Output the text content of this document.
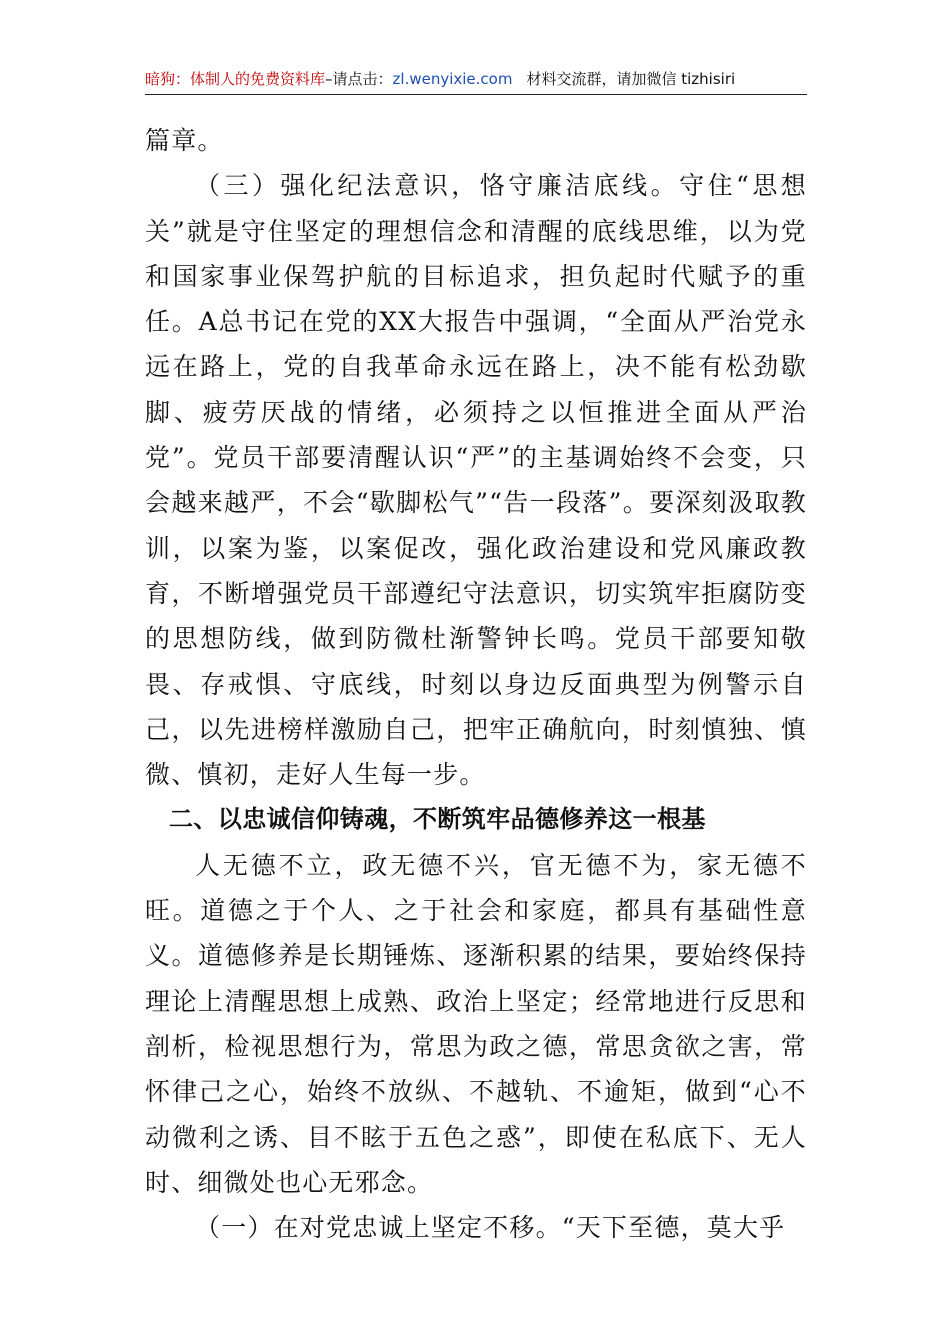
暗狗：体制人的免费资料库–请点击：zl.wenyixie.com 材料交流群，请加微信 tizhisiri

篇章。

（三）强化纪法意识，恪守廉洁底线。守住“思想关”就是守住坚定的理想信念和清醒的底线思维，以为党和国家事业保驾护航的目标追求，担负起时代赋予的重任。A总书记在党的XX大报告中强调，“全面从严治党永远在路上，党的自我革命永远在路上，决不能有松劲歇脚、疲劳厌战的情绪，必须持之以恒推进全面从严治党”。党员干部要清醒认识“严”的主基调始终不会变，只会越来越严，不会“歇脚松气”“告一段落”。要深刻汲取教训，以案为鉴，以案促改，强化政治建设和党风廉政教育，不断增强党员干部遵纪守法意识，切实筑牢拒腐防变的思想防线，做到防微杜渐警钟长鸣。党员干部要知敬畏、存戒惧、守底线，时刻以身边反面典型为例警示自己，以先进榜样激励自己，把牢正确航向，时刻慎独、慎微、慎初，走好人生每一步。

二、以忠诚信仰铸魂，不断筑牢品德修养这一根基

人无德不立，政无德不兴，官无德不为，家无德不旺。道德之于个人、之于社会和家庭，都具有基础性意义。道德修养是长期锤炼、逐渐积累的结果，要始终保持理论上清醒思想上成熟、政治上坚定；经常地进行反思和剖析，检视思想行为，常思为政之德，常思贪欲之害，常怀律己之心，始终不放纵、不越轨、不逾矩，做到“心不动微利之诱、目不眩于五色之惑”，即使在私底下、无人时、细微处也心无邪念。

（一）在对党忠诚上坚定不移。“天下至德，莫大乎
